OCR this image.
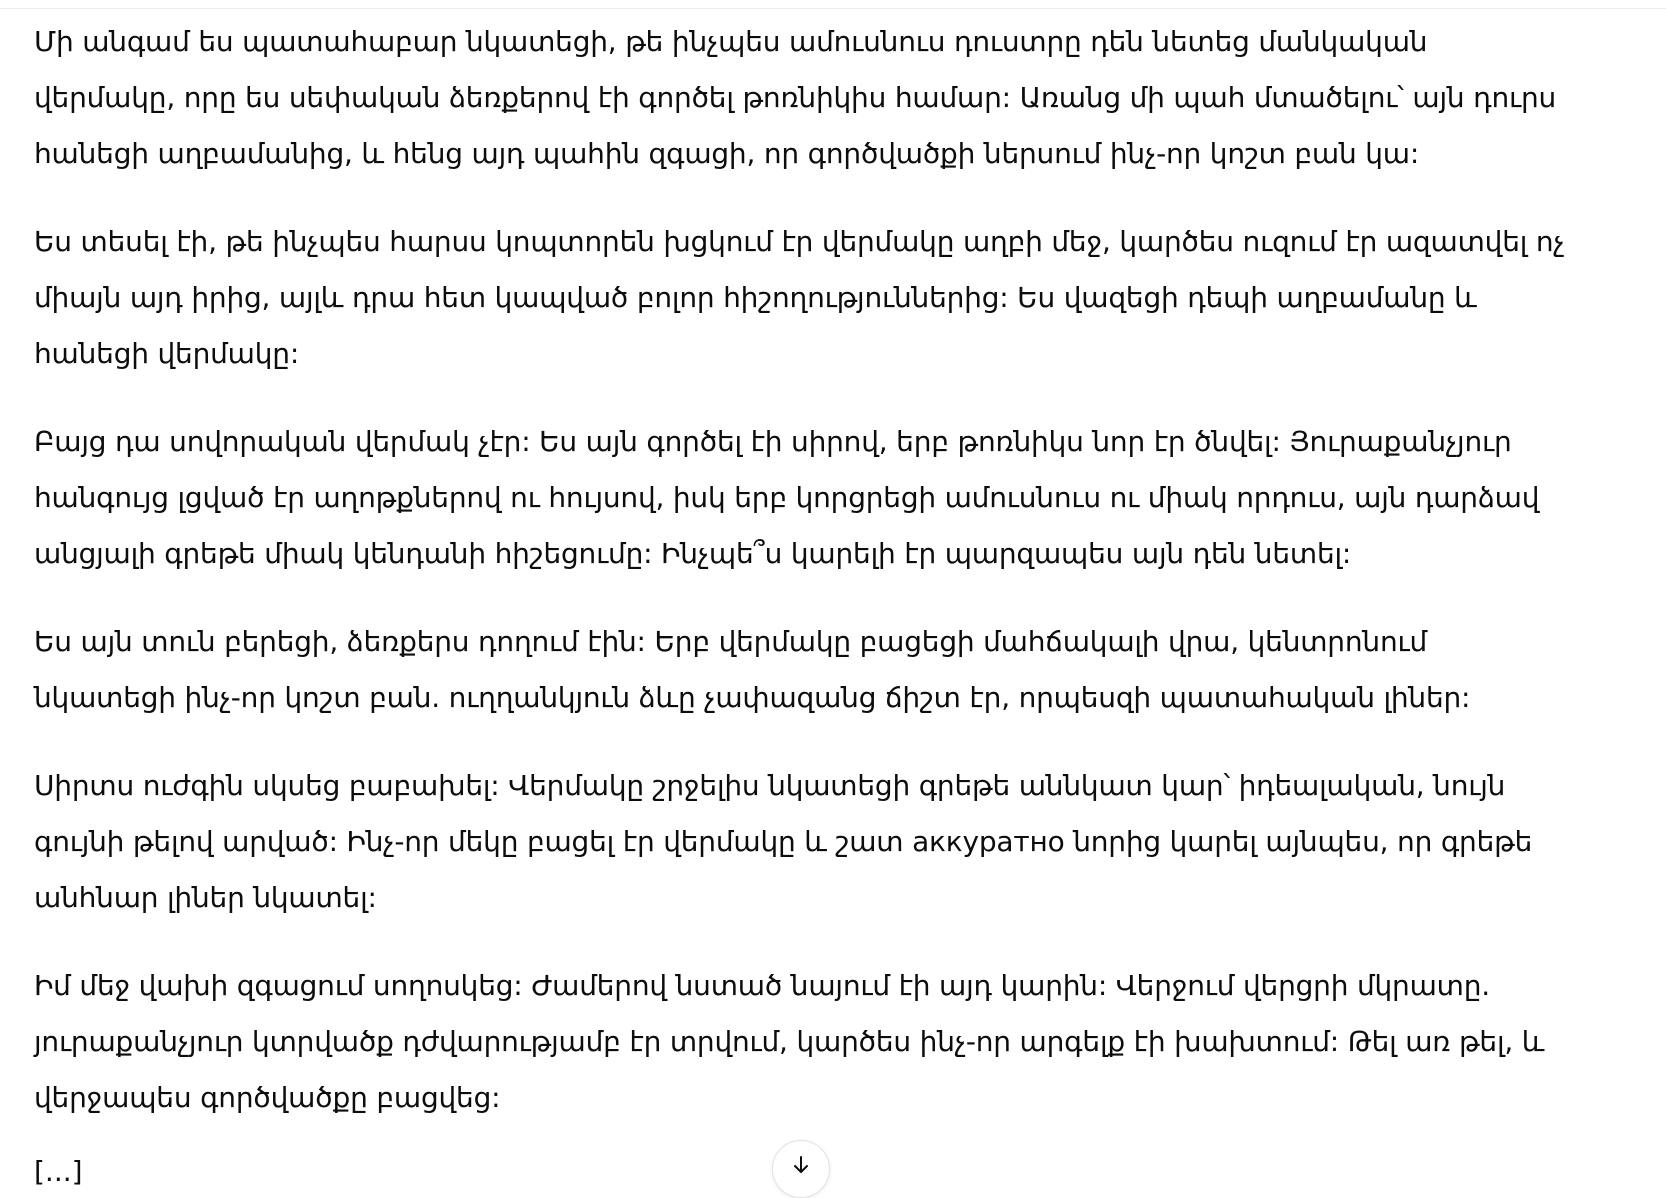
Մի անգամ ես պատահաբար նկատեցի, թե ինչպես ամուսնուս դուստրը դեն նետեց մանկական վերմակը, որը ես սեփական ձեռքերով էի գործել թոռնիկիս համար: Առանց մի պահ մտածելու՝ այն դուրս հանեցի աղբամանից, և հենց այդ պահին զգացի, որ գործվածքի ներսում ինչ-որ կոշտ բան կա:

Ես տեսել էի, թե ինչպես հարսս կոպտորեն խցկում էր վերմակը աղբի մեջ, կարծես ուզում էր ազատվել ոչ միայն այդ իրից, այլև դրա հետ կապված բոլոր հիշողություններից: Ես վազեցի դեպի աղբամանը և հանեցի վերմակը:

Բայց դա սովորական վերմակ չէր: Ես այն գործել էի սիրով, երբ թոռնիկս նոր էր ծնվել: Յուրաքանչյուր հանգույց լցված էր աղոթքներով ու հույսով, իսկ երբ կորցրեցի ամուսնուս ու միակ որդուս, այն դարձավ անցյալի գրեթե միակ կենդանի հիշեցումը: Ինչպե՞ս կարելի էր պարզապես այն դեն նետել:

Ես այն տուն բերեցի, ձեռքերս դողում էին: Երբ վերմակը բացեցի մահճակալի վրա, կենտրոնում նկատեցի ինչ-որ կոշտ բան. ուղղանկյուն ձևը չափազանց ճիշտ էր, որպեսզի պատահական լիներ:

Սիրտս ուժգին սկսեց բաբախել: Վերմակը շրջելիս նկատեցի գրեթե աննկատ կար՝ իդեալական, նույն գույնի թելով արված: Ինչ-որ մեկը բացել էր վերմակը և շատ аккуратно նորից կարել այնպես, որ գրեթե անհնար լիներ նկատել:

Իմ մեջ վախի զգացում սողոսկեց: Ժամերով նստած նայում էի այդ կարին: Վերջում վերցրի մկրատը. յուրաքանչյուր կտրվածք դժվարությամբ էր տրվում, կարծես ինչ-որ արգելք էի խախտում: Թել առ թել, և վերջապես գործվածքը բացվեց:

[...]
